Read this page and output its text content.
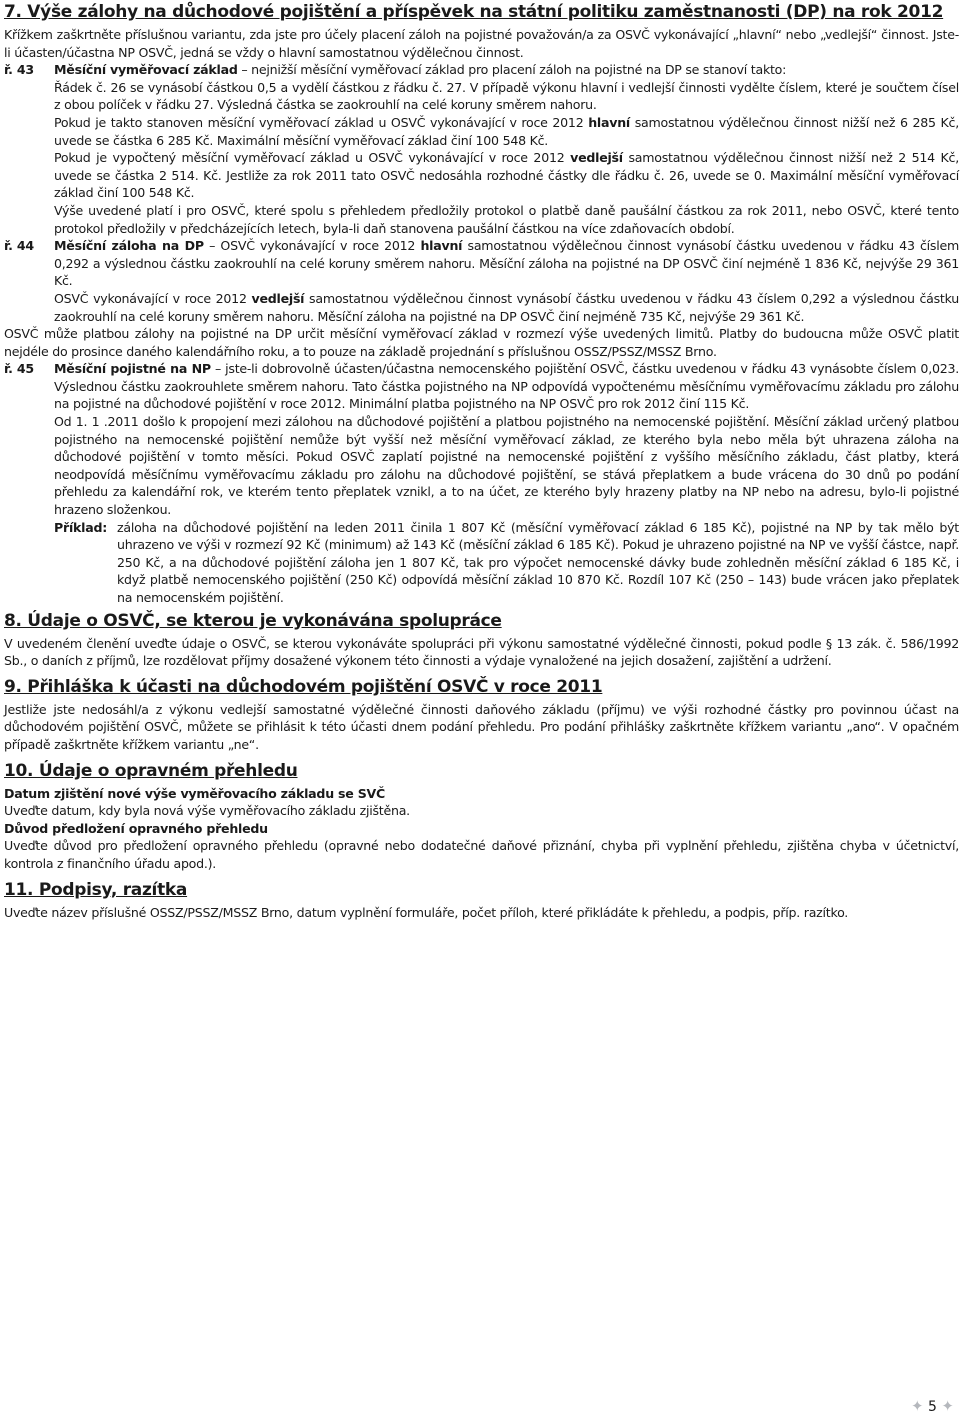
7. Výše zálohy na důchodové pojištění a příspěvek na státní politiku zaměstnanosti (DP) na rok 2012

Křížkem zaškrtněte příslušnou variantu, zda jste pro účely placení záloh na pojistné považován/a za OSVČ vykonávající „hlavní“ nebo „vedlejší“ činnost. Jste-li účasten/účastna NP OSVČ, jedná se vždy o hlavní samostatnou výdělečnou činnost.

ř. 43 Měsíční vyměřovací základ – nejnižší měsíční vyměřovací základ pro placení záloh na pojistné na DP se stanoví takto:

Řádek č. 26 se vynásobí částkou 0,5 a vydělí částkou z řádku č. 27. V případě výkonu hlavní i vedlejší činnosti vydělte číslem, které je součtem čísel z obou políček v řádku 27. Výsledná částka se zaokrouhlí na celé koruny směrem nahoru.

Pokud je takto stanoven měsíční vyměřovací základ u OSVČ vykonávající v roce 2012 hlavní samostatnou výdělečnou činnost nižší než 6 285 Kč, uvede se částka 6 285 Kč. Maximální měsíční vyměřovací základ činí 100 548 Kč.

Pokud je vypočtený měsíční vyměřovací základ u OSVČ vykonávající v roce 2012 vedlejší samostatnou výdělečnou činnost nižší než 2 514 Kč, uvede se částka 2 514. Kč. Jestliže za rok 2011 tato OSVČ nedosáhla rozhodné částky dle řádku č. 26, uvede se 0. Maximální měsíční vyměřovací základ činí 100 548 Kč.

Výše uvedené platí i pro OSVČ, které spolu s přehledem předložily protokol o platbě daně paušální částkou za rok 2011, nebo OSVČ, které tento protokol předložily v předcházejících letech, byla-li daň stanovena paušální částkou na více zdaňovacích období.

ř. 44 Měsíční záloha na DP – OSVČ vykonávající v roce 2012 hlavní samostatnou výdělečnou činnost vynásobí částku uvedenou v řádku 43 číslem 0,292 a výslednou částku zaokrouhlí na celé koruny směrem nahoru. Měsíční záloha na pojistné na DP OSVČ činí nejméně 1 836 Kč, nejvýše 29 361 Kč.

OSVČ vykonávající v roce 2012 vedlejší samostatnou výdělečnou činnost vynásobí částku uvedenou v řádku 43 číslem 0,292 a výslednou částku zaokrouhlí na celé koruny směrem nahoru. Měsíční záloha na pojistné na DP OSVČ činí nejméně 735 Kč, nejvýše 29 361 Kč.

OSVČ může platbou zálohy na pojistné na DP určit měsíční vyměřovací základ v rozmezí výše uvedených limitů. Platby do budoucna může OSVČ platit nejdéle do prosince daného kalendářního roku, a to pouze na základě projednání s příslušnou OSSZ/PSSZ/MSSZ Brno.

ř. 45 Měsíční pojistné na NP – jste-li dobrovolně účasten/účastna nemocenského pojištění OSVČ, částku uvedenou v řádku 43 vynásobte číslem 0,023. Výslednou částku zaokrouhlete směrem nahoru. Tato částka pojistného na NP odpovídá vypočtenému měsíčnímu vyměřovacímu základu pro zálohu na pojistné na důchodové pojištění v roce 2012. Minimální platba pojistného na NP OSVČ pro rok 2012 činí 115 Kč.

Od 1. 1 .2011 došlo k propojení mezi zálohou na důchodové pojištění a platbou pojistného na nemocenské pojištění. Měsíční základ určený platbou pojistného na nemocenské pojištění nemůže být vyšší než měsíční vyměřovací základ, ze kterého byla nebo měla být uhrazena záloha na důchodové pojištění v tomto měsíci. Pokud OSVČ zaplatí pojistné na nemocenské pojištění z vyššího měsíčního základu, část platby, která neodpovídá měsíčnímu vyměřovacímu základu pro zálohu na důchodové pojištění, se stává přeplatkem a bude vrácena do 30 dnů po podání přehledu za kalendářní rok, ve kterém tento přeplatek vznikl, a to na účet, ze kterého byly hrazeny platby na NP nebo na adresu, bylo-li pojistné hrazeno složenkou.

Příklad: záloha na důchodové pojištění na leden 2011 činila 1 807 Kč (měsíční vyměřovací základ 6 185 Kč), pojistné na NP by tak mělo být uhrazeno ve výši v rozmezí 92 Kč (minimum) až 143 Kč (měsíční základ 6 185 Kč). Pokud je uhrazeno pojistné na NP ve vyšší částce, např. 250 Kč, a na důchodové pojištění záloha jen 1 807 Kč, tak pro výpočet nemocenské dávky bude zohledněn měsíční základ 6 185 Kč, i když platbě nemocenského pojištění (250 Kč) odpovídá měsíční základ 10 870 Kč. Rozdíl 107 Kč (250 – 143) bude vrácen jako přeplatek na nemocenském pojištění.

8. Údaje o OSVČ, se kterou je vykonávána spolupráce

V uvedeném členění uveďte údaje o OSVČ, se kterou vykonáváte spolupráci při výkonu samostatné výdělečné činnosti, pokud podle § 13 zák. č. 586/1992 Sb., o daních z příjmů, lze rozdělovat příjmy dosažené výkonem této činnosti a výdaje vynaložené na jejich dosažení, zajištění a udržení.

9. Přihláška k účasti na důchodovém pojištění OSVČ v roce 2011

Jestliže jste nedosáhl/a z výkonu vedlejší samostatné výdělečné činnosti daňového základu (příjmu) ve výši rozhodné částky pro povinnou účast na důchodovém pojištění OSVČ, můžete se přihlásit k této účasti dnem podání přehledu. Pro podání přihlášky zaškrtněte křížkem variantu „ano“. V opačném případě zaškrtněte křížkem variantu „ne“.

10. Údaje o opravném přehledu

Datum zjištění nové výše vyměřovacího základu se SVČ

Uveďte datum, kdy byla nová výše vyměřovacího základu zjištěna.

Důvod předložení opravného přehledu

Uveďte důvod pro předložení opravného přehledu (opravné nebo dodatečné daňové přiznání, chyba při vyplnění přehledu, zjištěna chyba v účetnictví, kontrola z finančního úřadu apod.).

11. Podpisy, razítka

Uveďte název příslušné OSSZ/PSSZ/MSSZ Brno, datum vyplnění formuláře, počet příloh, které přikládáte k přehledu, a podpis, příp. razítko.

✦ 5 ✦
